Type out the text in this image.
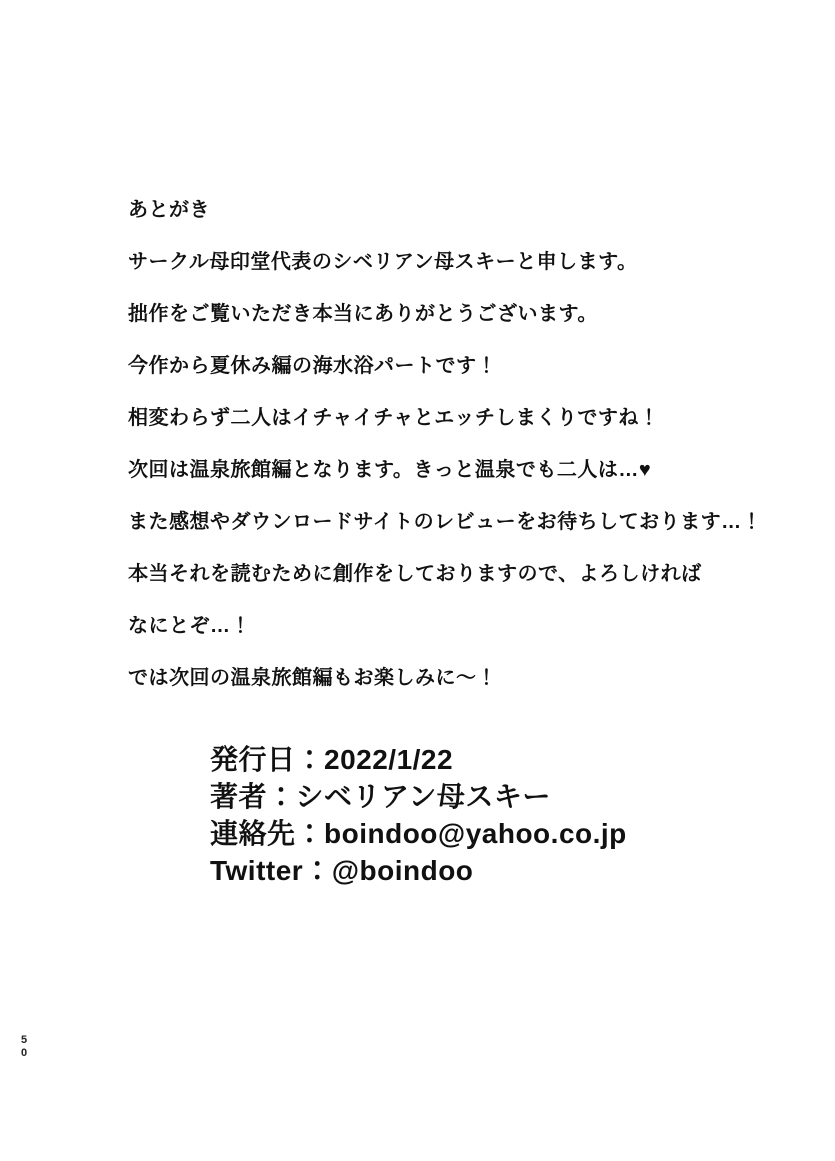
あとがき
サークル母印堂代表のシベリアン母スキーと申します。
拙作をご覧いただき本当にありがとうございます。
今作から夏休み編の海水浴パートです！
相変わらず二人はイチャイチャとエッチしまくりですね！
次回は温泉旅館編となります。きっと温泉でも二人は…♥
また感想やダウンロードサイトのレビューをお待ちしております…！
本当それを読むために創作をしておりますので、よろしければ
なにとぞ…！
では次回の温泉旅館編もお楽しみに〜！
発行日：2022/1/22
著者：シベリアン母スキー
連絡先：boindoo@yahoo.co.jp
Twitter：@boindoo
50
